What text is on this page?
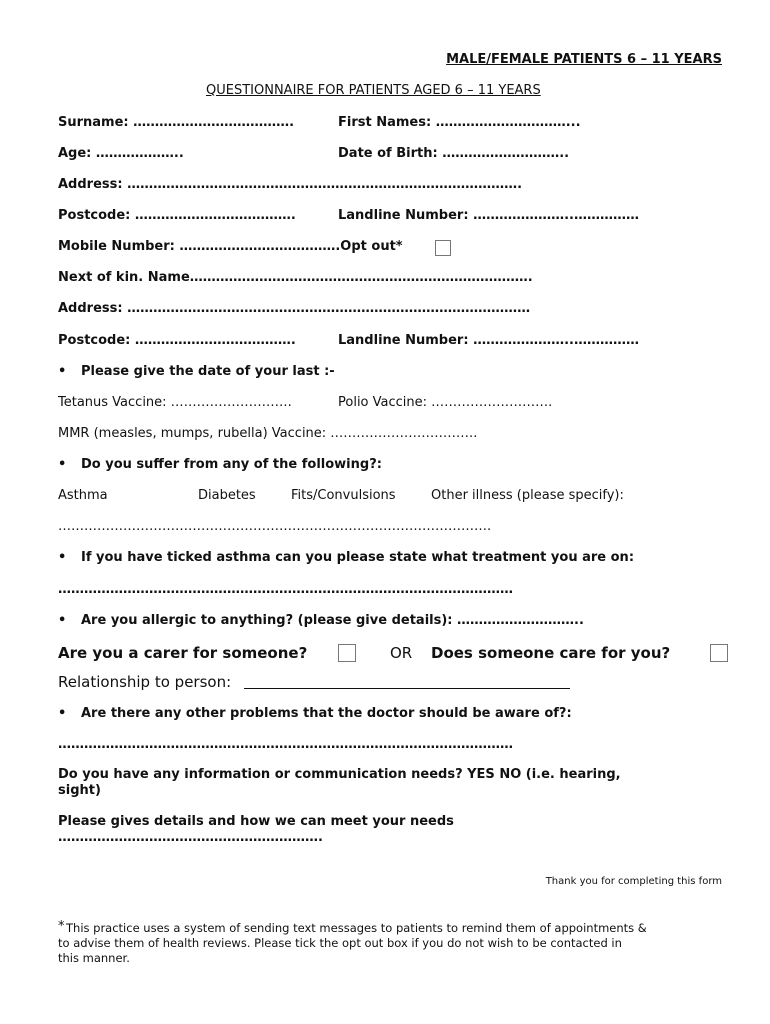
MALE/FEMALE PATIENTS 6 – 11 YEARS
QUESTIONNAIRE FOR PATIENTS AGED 6 – 11 YEARS
Surname: ……………………………….	First Names: …………………………...
Age: ………………..	Date of Birth: ………………………..
Address: ……………………………………………………………………………….
Postcode: ……………………………….	Landline Number: …………………..……………
Mobile Number: ……………………………….Opt out*
Next of kin. Name…………………………………………………………………….
Address: …………………………………………………………………………………
Postcode: ……………………………….	Landline Number: …………………..……………
• Please give the date of your last :-
Tetanus Vaccine: ……………………….	Polio Vaccine: ……………………….
MMR (measles, mumps, rubella) Vaccine: …………………………….
• Do you suffer from any of the following?:
Asthma	Diabetes	Fits/Convulsions	Other illness (please specify):
……………………………………………………………………………………….
• If you have ticked asthma can you please state what treatment you are on:
……………………………………………………………………………………………
• Are you allergic to anything? (please give details): ………………………..
Are you a carer for someone?	OR Does someone care for you?
Relationship to person:
• Are there any other problems that the doctor should be aware of?:
……………………………………………………………………………………………
Do you have any information or communication needs? YES NO (i.e. hearing,
sight)
Please gives details and how we can meet your needs
…………………………………………………….
Thank you for completing this form
* This practice uses a system of sending text messages to patients to remind them of appointments &
to advise them of health reviews. Please tick the opt out box if you do not wish to be contacted in
this manner.
